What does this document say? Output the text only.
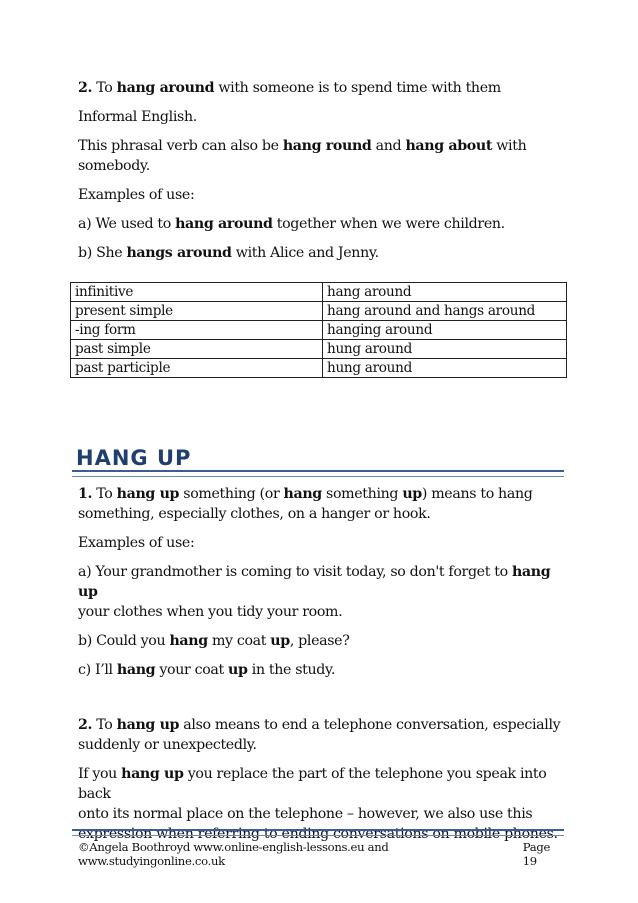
2. To hang around with someone is to spend time with them

Informal English.

This phrasal verb can also be hang round and hang about with somebody.

Examples of use:

a) We used to hang around together when we were children.

b) She hangs around with Alice and Jenny.

infinitive	hang around
present simple	hang around and hangs around
-ing form	hanging around
past simple	hung around
past participle	hung around
HANG UP

1. To hang up something (or hang something up) means to hang
something, especially clothes, on a hanger or hook.

Examples of use:

a) Your grandmother is coming to visit today, so don't forget to hang up
your clothes when you tidy your room.

b) Could you hang my coat up, please?

c) I’ll hang your coat up in the study.

2. To hang up also means to end a telephone conversation, especially
suddenly or unexpectedly.

If you hang up you replace the part of the telephone you speak into back
onto its normal place on the telephone – however, we also use this
expression when referring to ending conversations on mobile phones.

©Angela Boothroyd www.online-english-lessons.eu and www.studyingonline.co.uk
Page 19
